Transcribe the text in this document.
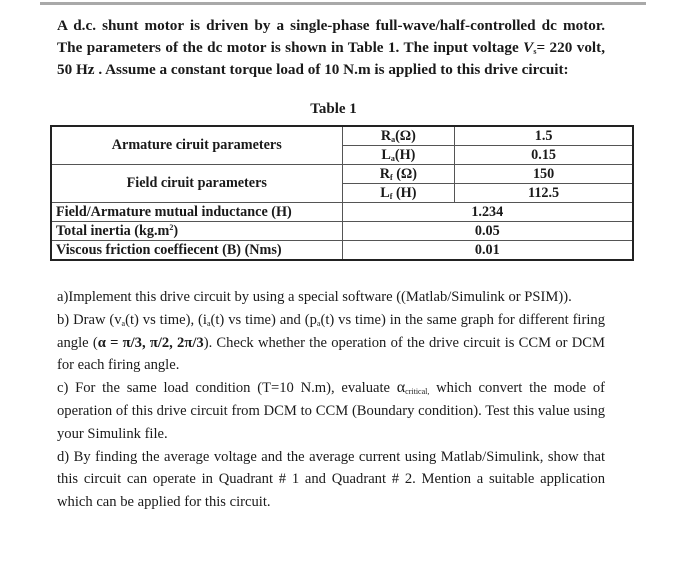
A d.c. shunt motor is driven by a single-phase full-wave/half-controlled dc motor. The parameters of the dc motor is shown in Table 1. The input voltage $V_s= 220$ volt, 50 Hz . Assume a constant torque load of 10 N.m is applied to this drive circuit:
Table 1
Armature ciruit parameters	$R_a(\Omega)$	1.5
	$L_a(H)$	0.15
Field ciruit parameters	$R_f$ (Ω)	150
	$L_f$ (H)	112.5
Field/Armature mutual inductance (H)	1.234	
Total inertia $(kg.m^2)$	0.05	
Viscous friction coeffiecent (B) (Nms)	0.01	

a)Implement this drive circuit by using a special software ((Matlab/Simulink or PSIM)).

b) Draw ($v_a(t)$ vs time), ($i_a(t)$ vs time) and ($p_a(t)$ vs time) in the same graph for different firing angle (α = π/3, π/2, 2π/3). Check whether the operation of the drive circuit is CCM or DCM for each firing angle.

c) For the same load condition (T=10 N.m), evaluate $\alpha_{critical,}$ which convert the mode of operation of this drive circuit from DCM to CCM (Boundary condition). Test this value using your Simulink file.

d) By finding the average voltage and the average current using Matlab/Simulink, show that this circuit can operate in Quadrant # 1 and Quadrant # 2. Mention a suitable application which can be applied for this circuit.
